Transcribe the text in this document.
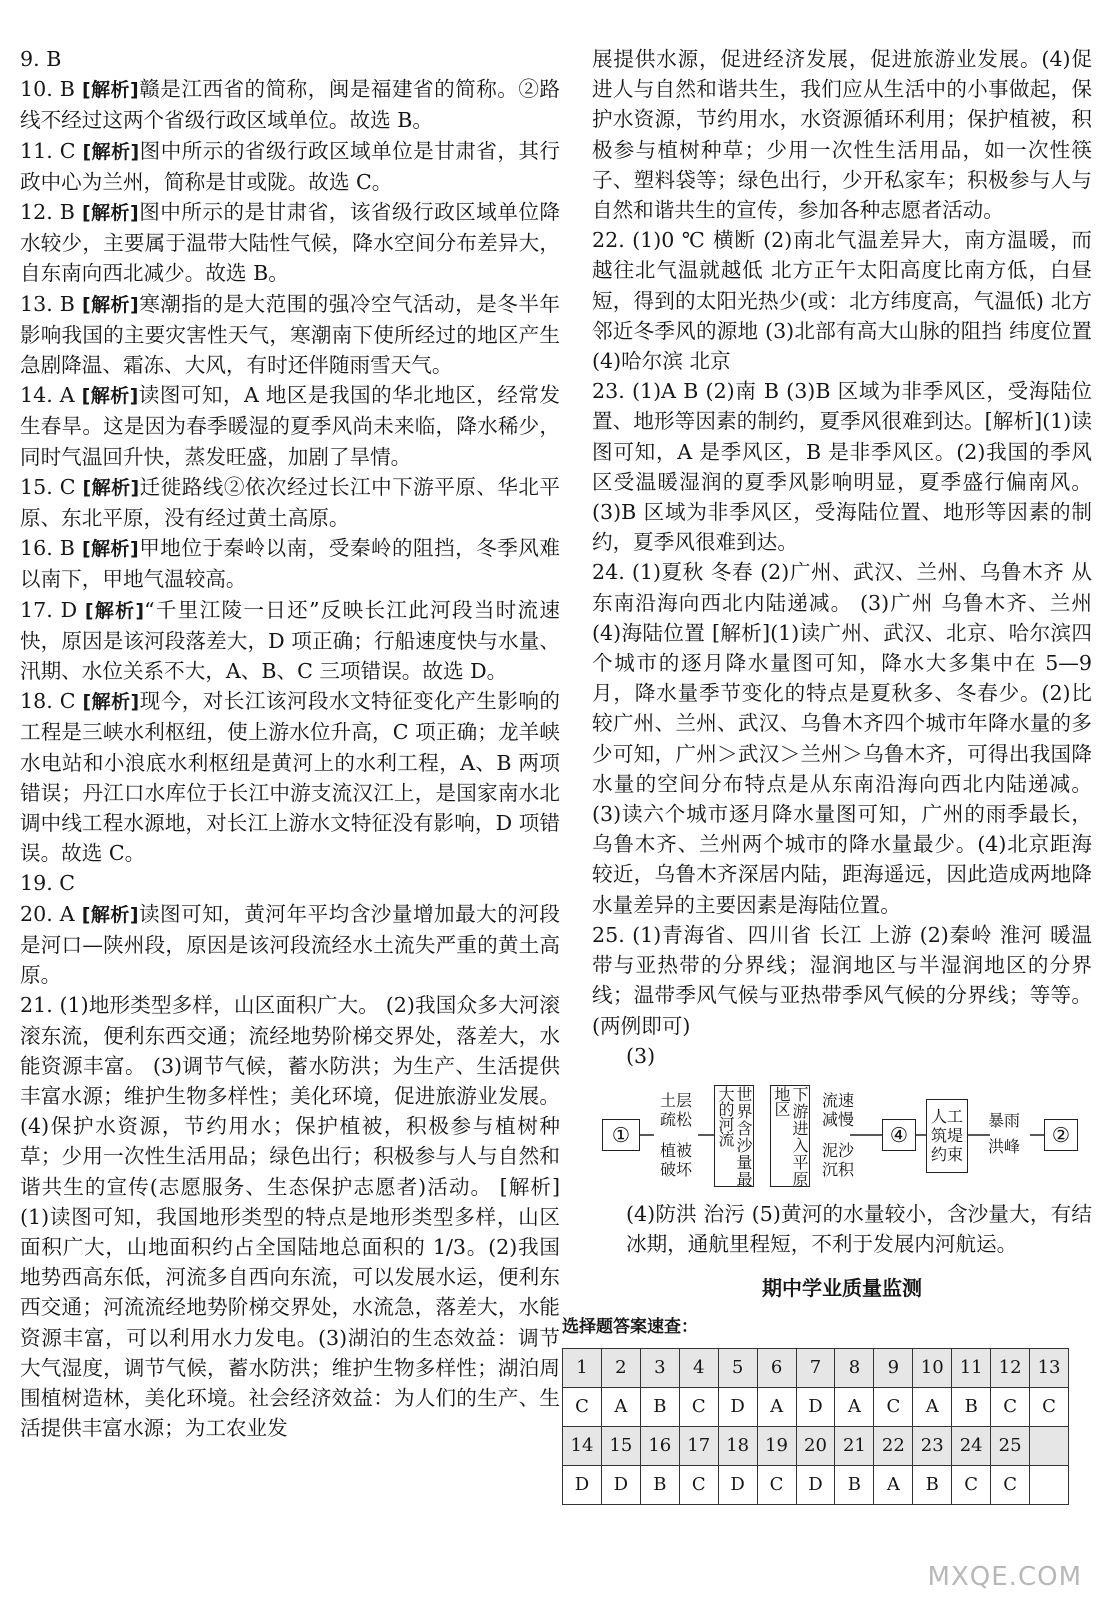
9. B
10. B [解析]赣是江西省的简称，闽是福建省的简称。②路线不经过这两个省级行政区域单位。故选 B。
11. C [解析]图中所示的省级行政区域单位是甘肃省，其行政中心为兰州，简称是甘或陇。故选 C。
12. B [解析]图中所示的是甘肃省，该省级行政区域单位降水较少，主要属于温带大陆性气候，降水空间分布差异大，自东南向西北减少。故选 B。
13. B [解析]寒潮指的是大范围的强冷空气活动，是冬半年影响我国的主要灾害性天气，寒潮南下使所经过的地区产生急剧降温、霜冻、大风，有时还伴随雨雪天气。
14. A [解析]读图可知，A 地区是我国的华北地区，经常发生春旱。这是因为春季暖湿的夏季风尚未来临，降水稀少，同时气温回升快，蒸发旺盛，加剧了旱情。
15. C [解析]迁徙路线②依次经过长江中下游平原、华北平原、东北平原，没有经过黄土高原。
16. B [解析]甲地位于秦岭以南，受秦岭的阻挡，冬季风难以南下，甲地气温较高。
17. D [解析]“千里江陵一日还”反映长江此河段当时流速快，原因是该河段落差大，D 项正确；行船速度快与水量、汛期、水位关系不大，A、B、C 三项错误。故选 D。
18. C [解析]现今，对长江该河段水文特征变化产生影响的工程是三峡水利枢纽，使上游水位升高，C 项正确；龙羊峡水电站和小浪底水利枢纽是黄河上的水利工程，A、B 两项错误；丹江口水库位于长江中游支流汉江上，是国家南水北调中线工程水源地，对长江上游水文特征没有影响，D 项错误。故选 C。
19. C
20. A [解析]读图可知，黄河年平均含沙量增加最大的河段是河口—陕州段，原因是该河段流经水土流失严重的黄土高原。
21. (1)地形类型多样，山区面积广大。 (2)我国众多大河滚滚东流，便利东西交通；流经地势阶梯交界处，落差大，水能资源丰富。 (3)调节气候，蓄水防洪；为生产、生活提供丰富水源；维护生物多样性；美化环境，促进旅游业发展。 (4)保护水资源，节约用水；保护植被，积极参与植树种草；少用一次性生活用品；绿色出行；积极参与人与自然和谐共生的宣传(志愿服务、生态保护志愿者)活动。 [解析](1)读图可知，我国地形类型的特点是地形类型多样，山区面积广大，山地面积约占全国陆地总面积的 1/3。(2)我国地势西高东低，河流多自西向东流，可以发展水运，便利东西交通；河流流经地势阶梯交界处，水流急，落差大，水能资源丰富，可以利用水力发电。(3)湖泊的生态效益：调节大气湿度，调节气候，蓄水防洪；维护生物多样性；湖泊周围植树造林，美化环境。社会经济效益：为人们的生产、生活提供丰富水源；为工农业发
展提供水源，促进经济发展，促进旅游业发展。(4)促进人与自然和谐共生，我们应从生活中的小事做起，保护水资源，节约用水，水资源循环利用；保护植被，积极参与植树种草；少用一次性生活用品，如一次性筷子、塑料袋等；绿色出行，少开私家车；积极参与人与自然和谐共生的宣传，参加各种志愿者活动。
22. (1)0 ℃ 横断 (2)南北气温差异大，南方温暖，而越往北气温就越低 北方正午太阳高度比南方低，白昼短，得到的太阳光热少(或：北方纬度高，气温低) 北方邻近冬季风的源地 (3)北部有高大山脉的阻挡 纬度位置 (4)哈尔滨 北京
23. (1)A B (2)南 B (3)B 区域为非季风区，受海陆位置、地形等因素的制约，夏季风很难到达。[解析](1)读图可知，A 是季风区，B 是非季风区。(2)我国的季风区受温暖湿润的夏季风影响明显，夏季盛行偏南风。(3)B 区域为非季风区，受海陆位置、地形等因素的制约，夏季风很难到达。
24. (1)夏秋 冬春 (2)广州、武汉、兰州、乌鲁木齐 从东南沿海向西北内陆递减。 (3)广州 乌鲁木齐、兰州 (4)海陆位置 [解析](1)读广州、武汉、北京、哈尔滨四个城市的逐月降水量图可知，降水大多集中在 5—9 月，降水量季节变化的特点是夏秋多、冬春少。(2)比较广州、兰州、武汉、乌鲁木齐四个城市年降水量的多少可知，广州＞武汉＞兰州＞乌鲁木齐，可得出我国降水量的空间分布特点是从东南沿海向西北内陆递减。(3)读六个城市逐月降水量图可知，广州的雨季最长，乌鲁木齐、兰州两个城市的降水量最少。(4)北京距海较近，乌鲁木齐深居内陆，距海遥远，因此造成两地降水量差异的主要因素是海陆位置。
25. (1)青海省、四川省 长江 上游 (2)秦岭 淮河 暖温带与亚热带的分界线；湿润地区与半湿润地区的分界线；温带季风气候与亚热带季风气候的分界线；等等。(两例即可)
(3)
①
土层疏松
植被破坏	世界含沙量最大的河流	下游进入平原地区	流速减慢
泥沙沉积
④
人工筑堤约束
暴雨
洪峰 ②
(4)防洪 治污 (5)黄河的水量较小，含沙量大，有结冰期，通航里程短，不利于发展内河航运。
期中学业质量监测
选择题答案速查：
1	2	3	4	5	6	7	8	9	10	11	12	13
C	A	B	C	D	A	D	A	C	A	B	C	C
14	15	16	17	18	19	20	21	22	23	24	25	
D	D	B	C	D	C	D	B	A	B	C	C	
MXQE.COM
